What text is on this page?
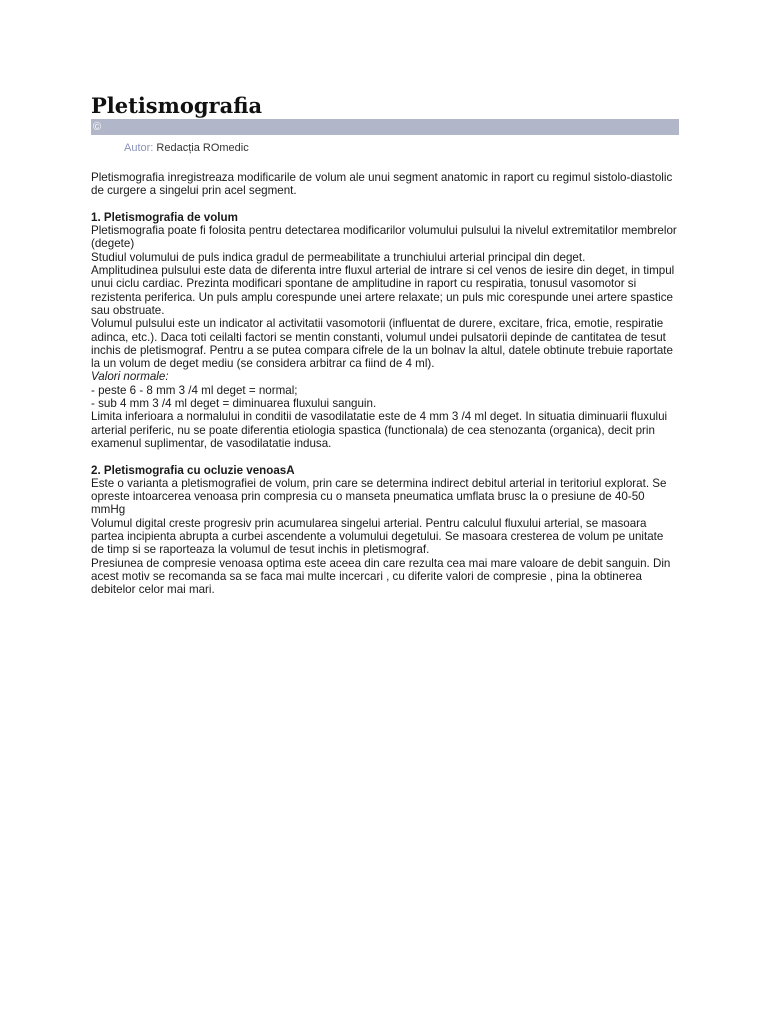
Pletismografia
©
Autor: Redacția ROmedic

Pletismografia inregistreaza modificarile de volum ale unui segment anatomic in raport cu regimul sistolo-diastolic de curgere a singelui prin acel segment.

1. Pletismografia de volum

Pletismografia poate fi folosita pentru detectarea modificarilor volumului pulsului la nivelul extremitatilor membrelor (degete)

Studiul volumului de puls indica gradul de permeabilitate a trunchiului arterial principal din deget.

Amplitudinea pulsului este data de diferenta intre fluxul arterial de intrare si cel venos de iesire din deget, in timpul unui ciclu cardiac. Prezinta modificari spontane de amplitudine in raport cu respiratia, tonusul vasomotor si rezistenta periferica. Un puls amplu corespunde unei artere relaxate; un puls mic corespunde unei artere spastice sau obstruate.

Volumul pulsului este un indicator al activitatii vasomotorii (influentat de durere, excitare, frica, emotie, respiratie adinca, etc.). Daca toti ceilalti factori se mentin constanti, volumul undei pulsatorii depinde de cantitatea de tesut inchis de pletismograf. Pentru a se putea compara cifrele de la un bolnav la altul, datele obtinute trebuie raportate la un volum de deget mediu (se considera arbitrar ca fiind de 4 ml).

Valori normale:

- peste 6 - 8 mm 3 /4 ml deget = normal;

- sub 4 mm 3 /4 ml deget = diminuarea fluxului sanguin.

Limita inferioara a normalului in conditii de vasodilatatie este de 4 mm 3 /4 ml deget. In situatia diminuarii fluxului arterial periferic, nu se poate diferentia etiologia spastica (functionala) de cea stenozanta (organica), decit prin examenul suplimentar, de vasodilatatie indusa.

2. Pletismografia cu ocluzie venoasA

Este o varianta a pletismografiei de volum, prin care se determina indirect debitul arterial in teritoriul explorat. Se opreste intoarcerea venoasa prin compresia cu o manseta pneumatica umflata brusc la o presiune de 40-50 mmHg

Volumul digital creste progresiv prin acumularea singelui arterial. Pentru calculul fluxului arterial, se masoara partea incipienta abrupta a curbei ascendente a volumului degetului. Se masoara cresterea de volum pe unitate de timp si se raporteaza la volumul de tesut inchis in pletismograf.

Presiunea de compresie venoasa optima este aceea din care rezulta cea mai mare valoare de debit sanguin. Din acest motiv se recomanda sa se faca mai multe incercari , cu diferite valori de compresie , pina la obtinerea debitelor celor mai mari.
